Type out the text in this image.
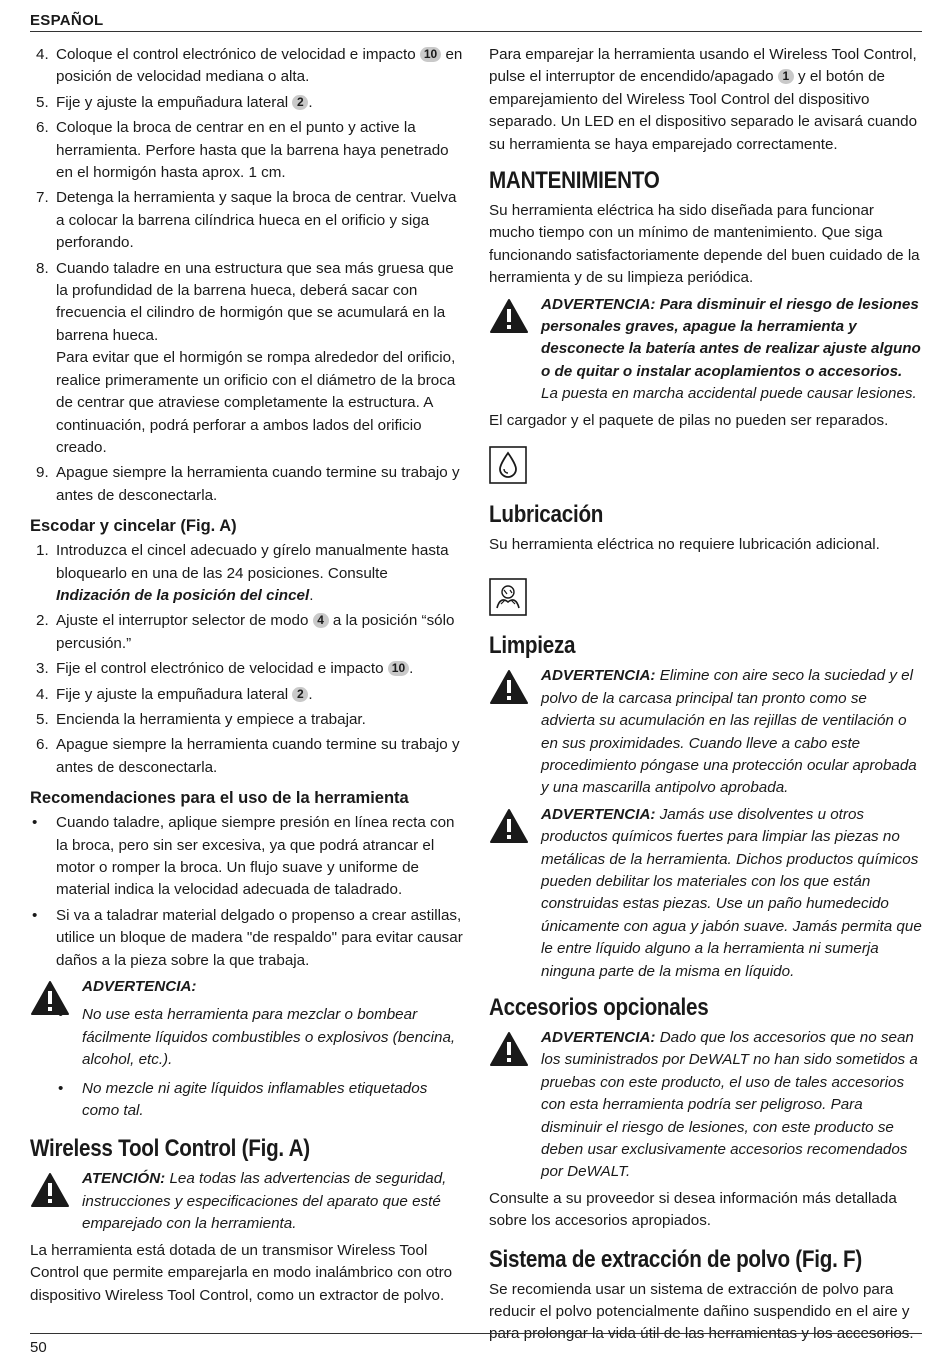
ESPAÑOL
4. Coloque el control electrónico de velocidad e impacto 10 en posición de velocidad mediana o alta.
5. Fije y ajuste la empuñadura lateral 2 .
6. Coloque la broca de centrar en en el punto y active la herramienta. Perfore hasta que la barrena haya penetrado en el hormigón hasta aprox. 1 cm.
7. Detenga la herramienta y saque la broca de centrar. Vuelva a colocar la barrena cilíndrica hueca en el orificio y siga perforando.
8. Cuando taladre en una estructura que sea más gruesa que la profundidad de la barrena hueca, deberá sacar con frecuencia el cilindro de hormigón que se acumulará en la barrena hueca.
Para evitar que el hormigón se rompa alrededor del orificio, realice primeramente un orificio con el diámetro de la broca de centrar que atraviese completamente la estructura. A continuación, podrá perforar a ambos lados del orificio creado.
9. Apague siempre la herramienta cuando termine su trabajo y antes de desconectarla.
Escodar y cincelar (Fig. A)
1. Introduzca el cincel adecuado y gírelo manualmente hasta bloquearlo en una de las 24 posiciones. Consulte Indización de la posición del cincel.
2. Ajuste el interruptor selector de modo 4 a la posición “sólo percusión.”
3. Fije el control electrónico de velocidad e impacto 10 .
4. Fije y ajuste la empuñadura lateral 2 .
5. Encienda la herramienta y empiece a trabajar.
6. Apague siempre la herramienta cuando termine su trabajo y antes de desconectarla.
Recomendaciones para el uso de la herramienta
• Cuando taladre, aplique siempre presión en línea recta con la broca, pero sin ser excesiva, ya que podrá atrancar el motor o romper la broca. Un flujo suave y uniforme de material indica la velocidad adecuada de taladrado.
• Si va a taladrar material delgado o propenso a crear astillas, utilice un bloque de madera "de respaldo" para evitar causar daños a la pieza sobre la que trabaja.
ADVERTENCIA:
• No use esta herramienta para mezclar o bombear fácilmente líquidos combustibles o explosivos (bencina, alcohol, etc.).
• No mezcle ni agite líquidos inflamables etiquetados como tal.
Wireless Tool Control (Fig. A)
ATENCIÓN: Lea todas las advertencias de seguridad, instrucciones y especificaciones del aparato que esté emparejado con la herramienta.

La herramienta está dotada de un transmisor Wireless Tool Control que permite emparejarla en modo inalámbrico con otro dispositivo Wireless Tool Control, como un extractor de polvo.

Para emparejar la herramienta usando el Wireless Tool Control, pulse el interruptor de encendido/apagado 1 y el botón de emparejamiento del Wireless Tool Control del dispositivo separado. Un LED en el dispositivo separado le avisará cuando su herramienta se haya emparejado correctamente.

MANTENIMIENTO

Su herramienta eléctrica ha sido diseñada para funcionar mucho tiempo con un mínimo de mantenimiento. Que siga funcionando satisfactoriamente depende del buen cuidado de la herramienta y de su limpieza periódica.

ADVERTENCIA: Para disminuir el riesgo de lesiones personales graves, apague la herramienta y desconecte la batería antes de realizar ajuste alguno o de quitar o instalar acoplamientos o accesorios. La puesta en marcha accidental puede causar lesiones.

El cargador y el paquete de pilas no pueden ser reparados.

Lubricación

Su herramienta eléctrica no requiere lubricación adicional.

Limpieza
ADVERTENCIA: Elimine con aire seco la suciedad y el polvo de la carcasa principal tan pronto como se advierta su acumulación en las rejillas de ventilación o en sus proximidades. Cuando lleve a cabo este procedimiento póngase una protección ocular aprobada y una mascarilla antipolvo aprobada.
ADVERTENCIA: Jamás use disolventes u otros productos químicos fuertes para limpiar las piezas no metálicas de la herramienta. Dichos productos químicos pueden debilitar los materiales con los que están construidas estas piezas. Use un paño humedecido únicamente con agua y jabón suave. Jamás permita que le entre líquido alguno a la herramienta ni sumerja ninguna parte de la misma en líquido.
Accesorios opcionales
ADVERTENCIA: Dado que los accesorios que no sean los suministrados por DeWALT no han sido sometidos a pruebas con este producto, el uso de tales accesorios con esta herramienta podría ser peligroso. Para disminuir el riesgo de lesiones, con este producto se deben usar exclusivamente accesorios recomendados por DeWALT.

Consulte a su proveedor si desea información más detallada sobre los accesorios apropiados.

Sistema de extracción de polvo (Fig. F)

Se recomienda usar un sistema de extracción de polvo para reducir el polvo potencialmente dañino suspendido en el aire y para prolongar la vida útil de las herramientas y los accesorios.

50
